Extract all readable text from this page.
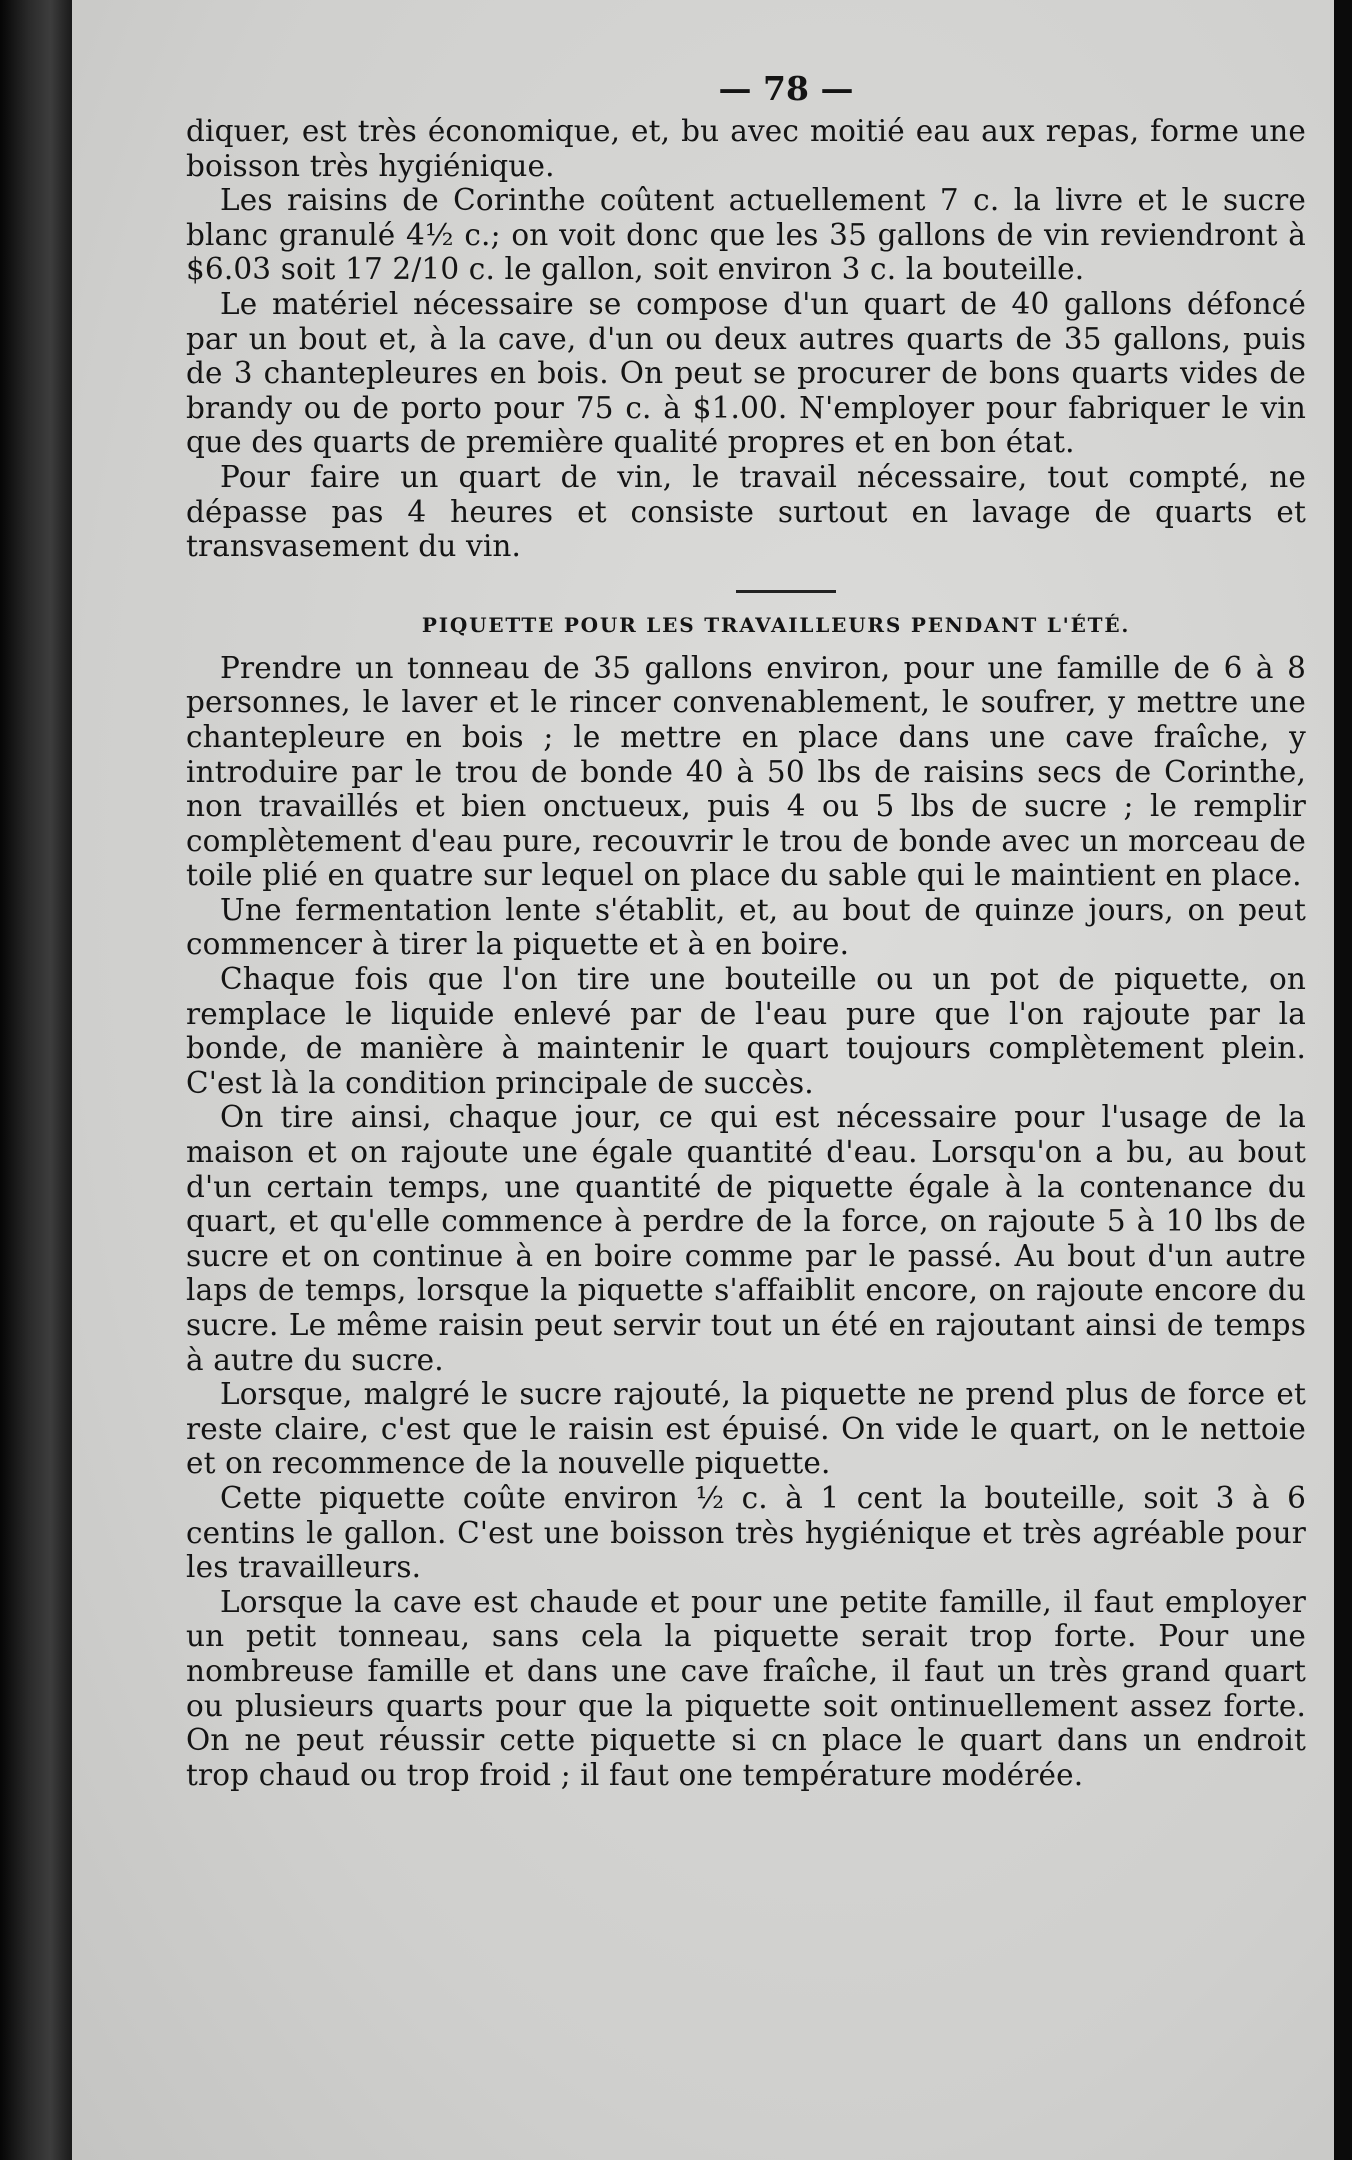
— 78 —

diquer, est très économique, et, bu avec moitié eau aux repas, forme une boisson très hygiénique.

Les raisins de Corinthe coûtent actuellement 7 c. la livre et le sucre blanc granulé 4½ c.; on voit donc que les 35 gallons de vin reviendront à $6.03 soit 17 2/10 c. le gallon, soit environ 3 c. la bouteille.

Le matériel nécessaire se compose d'un quart de 40 gallons défoncé par un bout et, à la cave, d'un ou deux autres quarts de 35 gallons, puis de 3 chantepleures en bois. On peut se procurer de bons quarts vides de brandy ou de porto pour 75 c. à $1.00. N'employer pour fabriquer le vin que des quarts de première qualité propres et en bon état.

Pour faire un quart de vin, le travail nécessaire, tout compté, ne dépasse pas 4 heures et consiste surtout en lavage de quarts et transvasement du vin.

PIQUETTE POUR LES TRAVAILLEURS PENDANT L'ÉTÉ.

Prendre un tonneau de 35 gallons environ, pour une famille de 6 à 8 personnes, le laver et le rincer convenablement, le soufrer, y mettre une chantepleure en bois ; le mettre en place dans une cave fraîche, y introduire par le trou de bonde 40 à 50 lbs de raisins secs de Corinthe, non travaillés et bien onctueux, puis 4 ou 5 lbs de sucre ; le remplir complètement d'eau pure, recouvrir le trou de bonde avec un morceau de toile plié en quatre sur lequel on place du sable qui le maintient en place.

Une fermentation lente s'établit, et, au bout de quinze jours, on peut commencer à tirer la piquette et à en boire.

Chaque fois que l'on tire une bouteille ou un pot de piquette, on remplace le liquide enlevé par de l'eau pure que l'on rajoute par la bonde, de manière à maintenir le quart toujours complètement plein. C'est là la condition principale de succès.

On tire ainsi, chaque jour, ce qui est nécessaire pour l'usage de la maison et on rajoute une égale quantité d'eau. Lorsqu'on a bu, au bout d'un certain temps, une quantité de piquette égale à la contenance du quart, et qu'elle commence à perdre de la force, on rajoute 5 à 10 lbs de sucre et on continue à en boire comme par le passé. Au bout d'un autre laps de temps, lorsque la piquette s'affaiblit encore, on rajoute encore du sucre. Le même raisin peut servir tout un été en rajoutant ainsi de temps à autre du sucre.

Lorsque, malgré le sucre rajouté, la piquette ne prend plus de force et reste claire, c'est que le raisin est épuisé. On vide le quart, on le nettoie et on recommence de la nouvelle piquette.

Cette piquette coûte environ ½ c. à 1 cent la bouteille, soit 3 à 6 centins le gallon. C'est une boisson très hygiénique et très agréable pour les travailleurs.

Lorsque la cave est chaude et pour une petite famille, il faut employer un petit tonneau, sans cela la piquette serait trop forte. Pour une nombreuse famille et dans une cave fraîche, il faut un très grand quart ou plusieurs quarts pour que la piquette soit ontinuellement assez forte. On ne peut réussir cette piquette si cn place le quart dans un endroit trop chaud ou trop froid ; il faut one température modérée.
